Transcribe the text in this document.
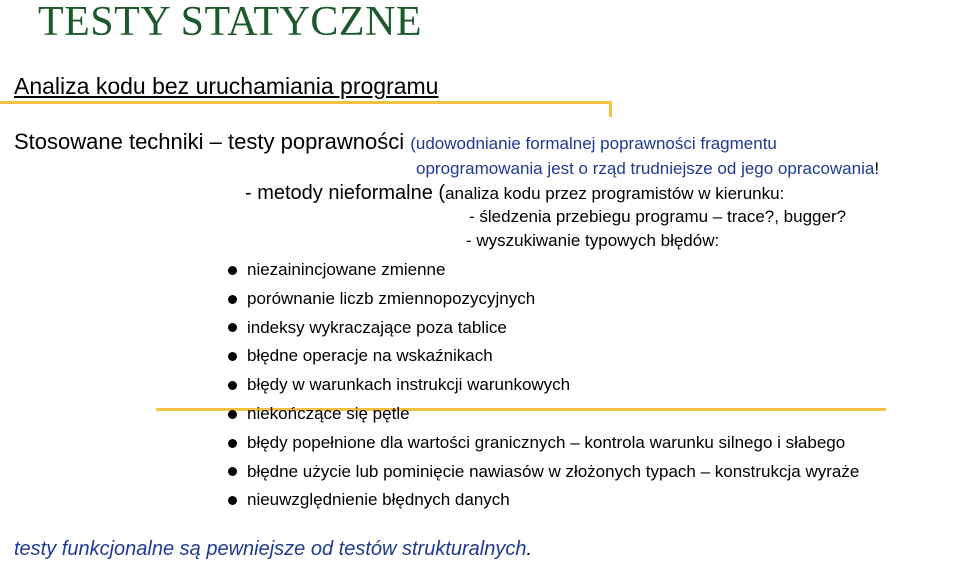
TESTY STATYCZNE
Analiza kodu bez uruchamiania programu
Stosowane techniki – testy poprawności (udowodnianie formalnej poprawności fragmentu
oprogramowania jest o rząd trudniejsze od jego opracowania!
- metody nieformalne (analiza kodu przez programistów w kierunku:
- śledzenia przebiegu programu – trace?, bugger?
- wyszukiwanie typowych błędów:
niezainincjowane zmienne
porównanie liczb zmiennopozycyjnych
indeksy wykraczające poza tablice
błędne operacje na wskaźnikach
błędy w warunkach instrukcji warunkowych
niekończące się pętle
błędy popełnione dla wartości granicznych – kontrola warunku silnego i słabego
błędne użycie lub pominięcie nawiasów w złożonych typach – konstrukcja wyraże
nieuwzględnienie błędnych danych
testy funkcjonalne są pewniejsze od testów strukturalnych.
